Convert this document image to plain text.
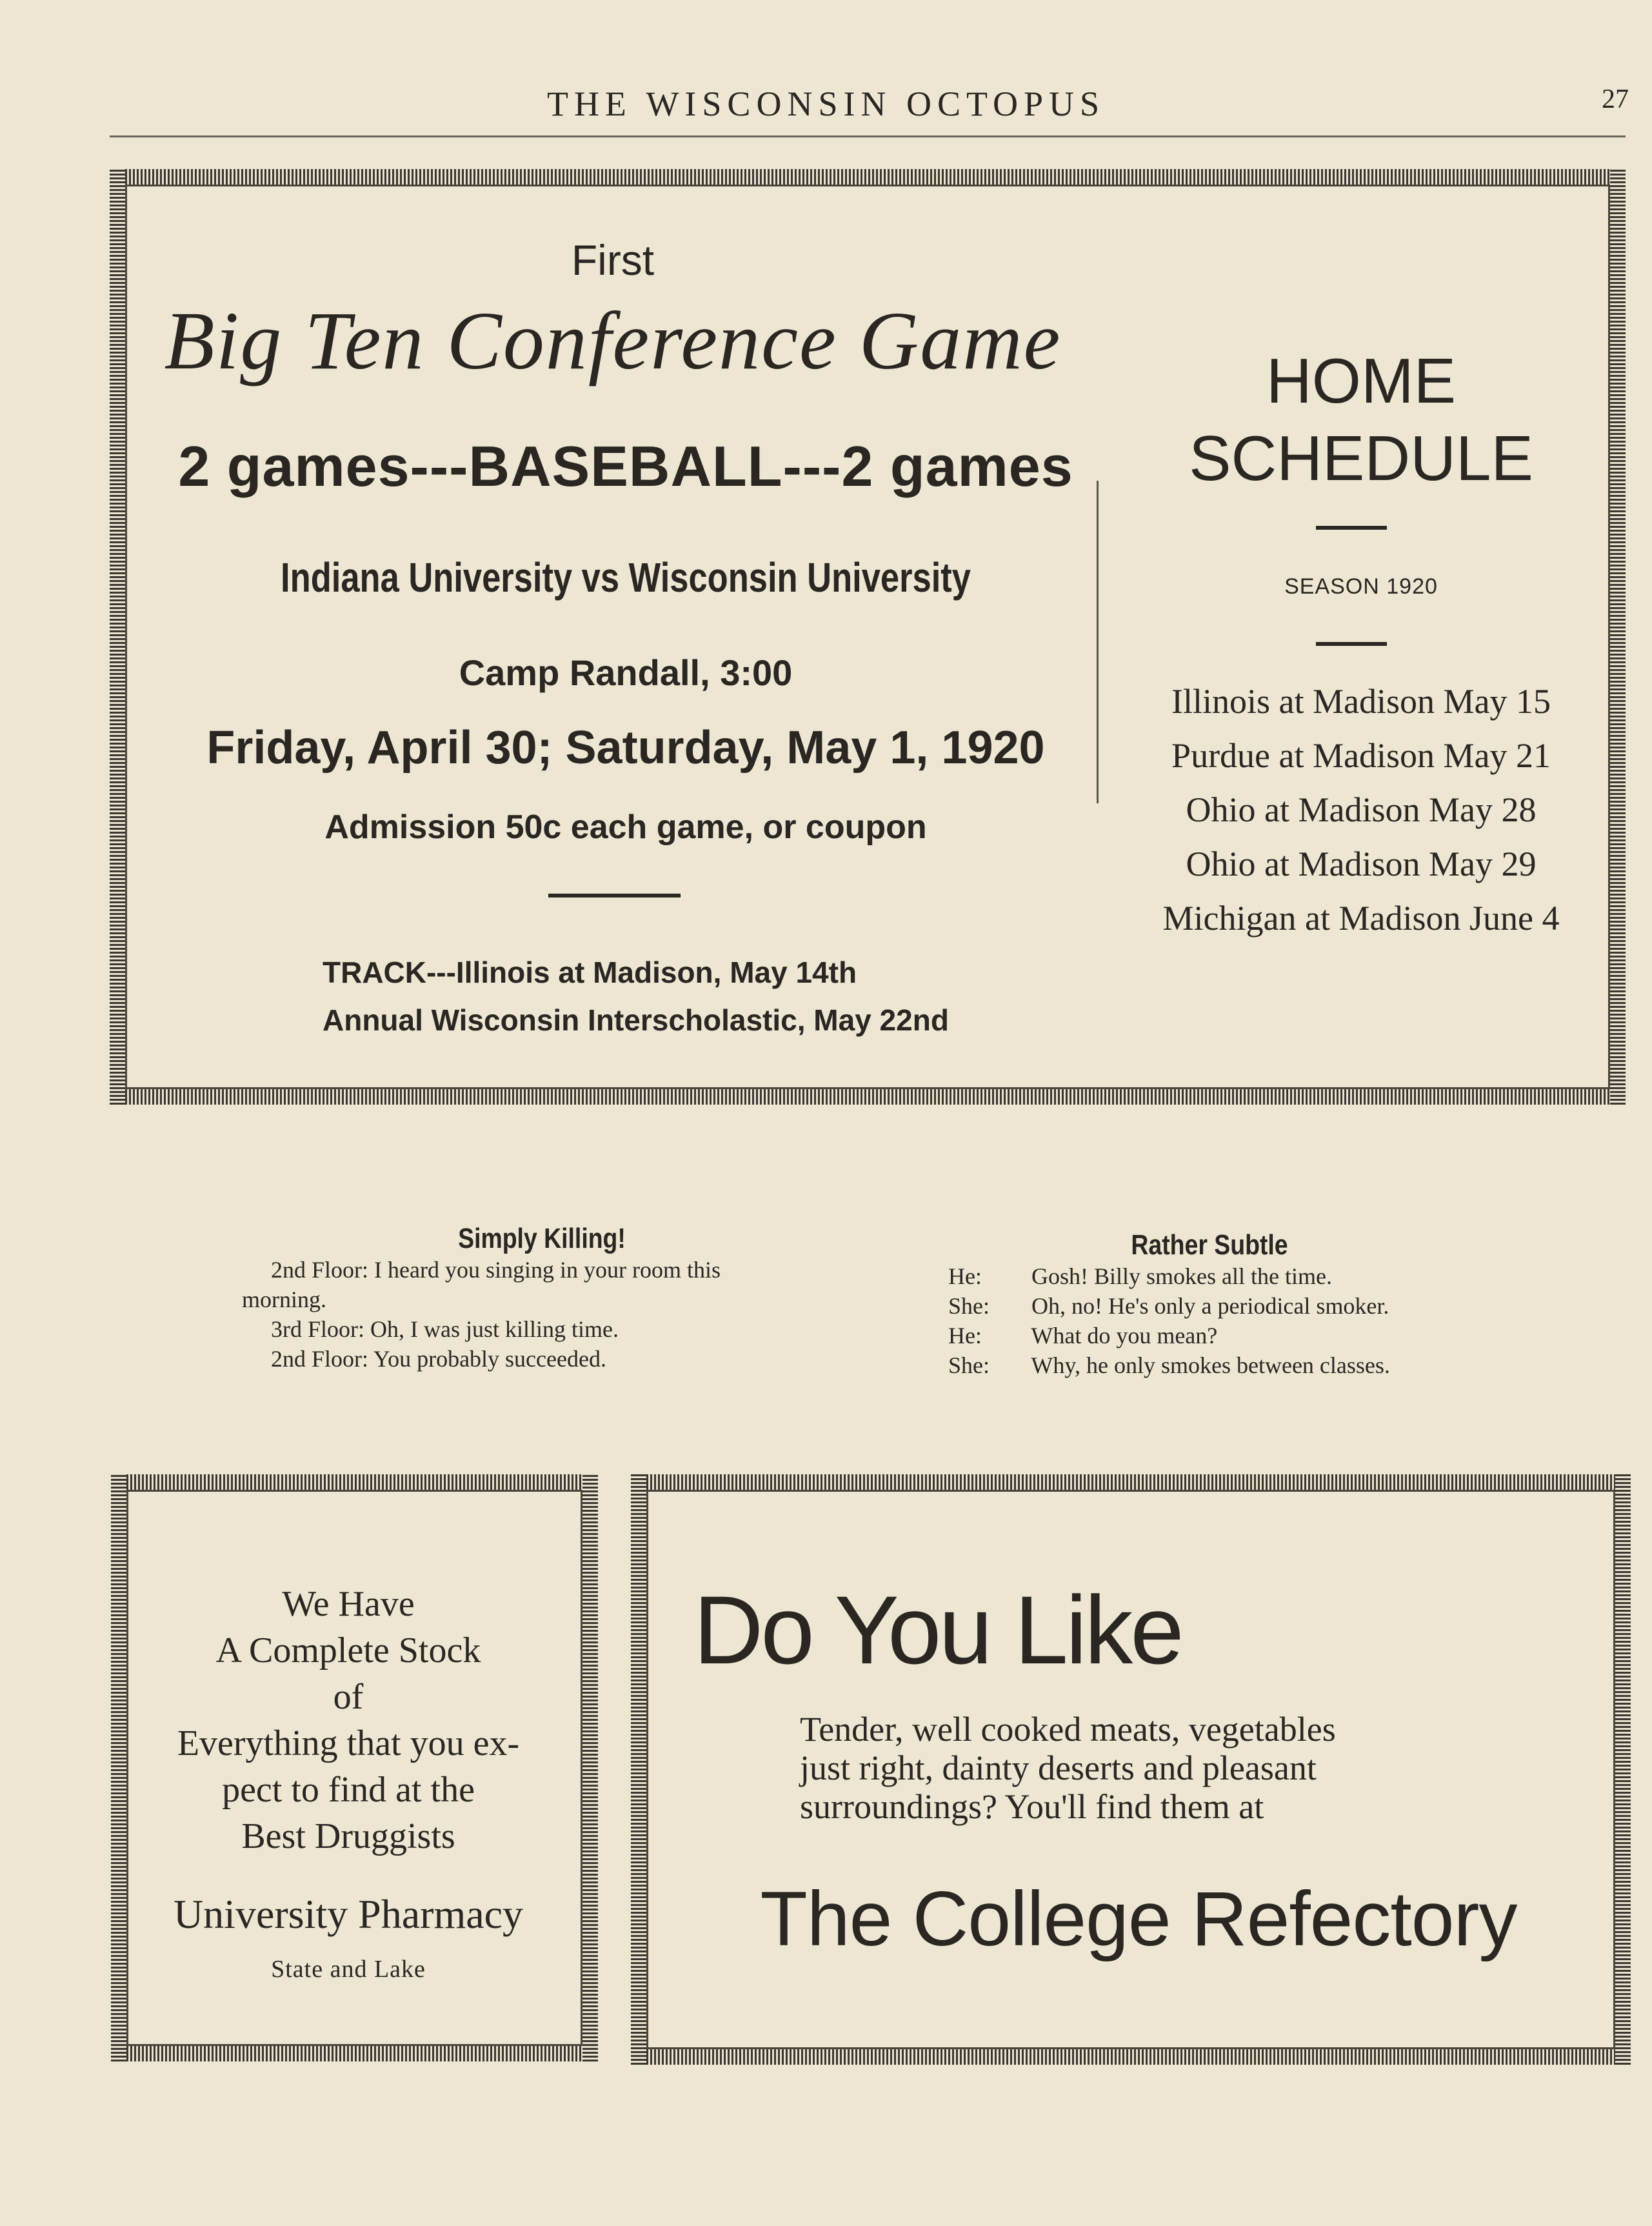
THE WISCONSIN OCTOPUS	27
First
Big Ten Conference Game
2 games---BASEBALL---2 games
Indiana University vs Wisconsin University
Camp Randall, 3:00
Friday, April 30; Saturday, May 1, 1920
Admission 50c each game, or coupon
TRACK---Illinois at Madison, May 14th
Annual Wisconsin Interscholastic, May 22nd
HOME
SCHEDULE
SEASON 1920
Illinois at Madison May 15
Purdue at Madison May 21
Ohio at Madison May 28
Ohio at Madison May 29
Michigan at Madison June 4
Simply Killing!
2nd Floor: I heard you singing in your room this
morning.
3rd Floor: Oh, I was just killing time.
2nd Floor: You probably succeeded.
Rather Subtle
He: Gosh! Billy smokes all the time.
She: Oh, no! He's only a periodical smoker.
He: What do you mean?
She: Why, he only smokes between classes.
We Have
A Complete Stock
of
Everything that you ex-
pect to find at the
Best Druggists
University Pharmacy
State and Lake
Do You Like
Tender, well cooked meats, vegetables
just right, dainty deserts and pleasant
surroundings? You'll find them at
The College Refectory
